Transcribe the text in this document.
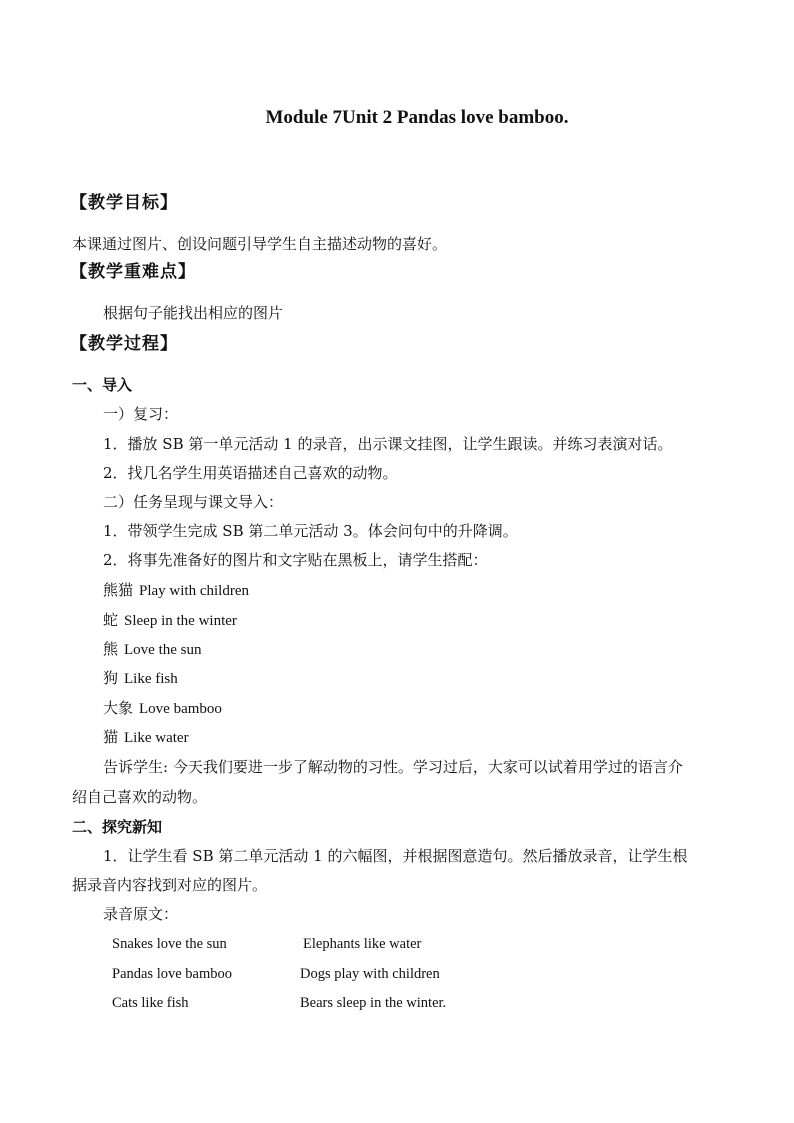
Module 7Unit 2 Pandas love bamboo.
【教学目标】
本课通过图片、创设问题引导学生自主描述动物的喜好。
【教学重难点】
根据句子能找出相应的图片
【教学过程】
一、导入
一）复习：
1．播放 SB 第一单元活动 1 的录音，出示课文挂图，让学生跟读。并练习表演对话。
2．找几名学生用英语描述自己喜欢的动物。
二）任务呈现与课文导入：
1．带领学生完成 SB 第二单元活动 3。体会问句中的升降调。
2．将事先准备好的图片和文字贴在黑板上，请学生搭配：
熊猫 Play with children
蛇 Sleep in the winter
熊 Love the sun
狗 Like fish
大象 Love bamboo
猫 Like water
告诉学生: 今天我们要进一步了解动物的习性。学习过后，大家可以试着用学过的语言介
绍自己喜欢的动物。
二、探究新知
1．让学生看 SB 第二单元活动 1 的六幅图，并根据图意造句。然后播放录音，让学生根
据录音内容找到对应的图片。
录音原文：
Snakes love the sun	Elephants like water
Pandas love bamboo	Dogs play with children
Cats like fish	Bears sleep in the winter.
